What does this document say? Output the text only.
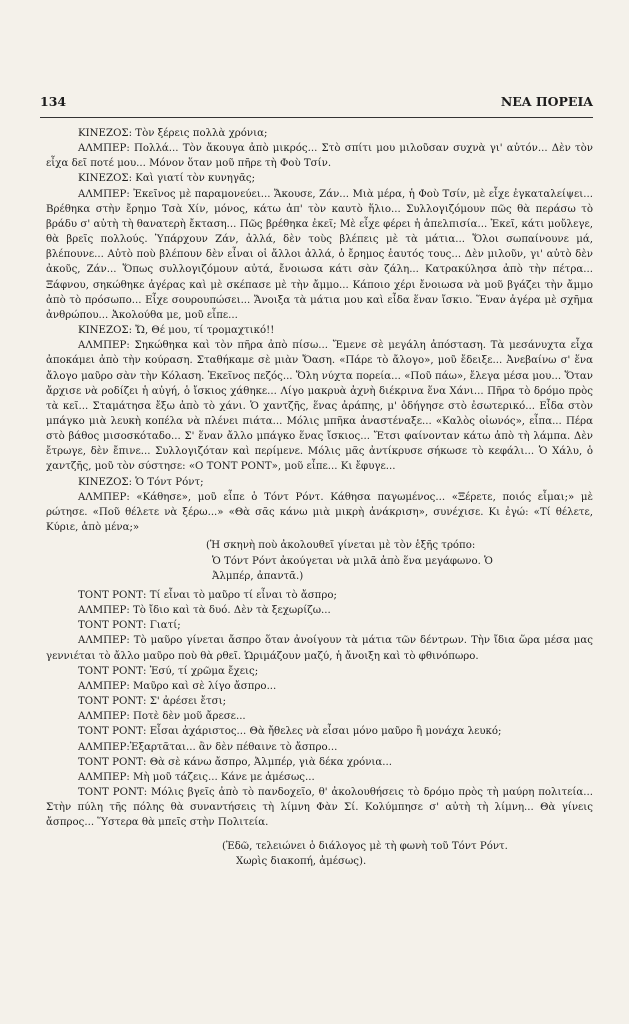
134	ΝΕΑ ΠΟΡΕΙΑ

ΚΙΝΕΖΟΣ: Τὸν ξέρεις πολλὰ χρόνια;

ΑΛΜΠΕΡ: Πολλά... Τὸν ἄκουγα ἀπὸ μικρός... Στὸ σπίτι μου μιλοῦσαν συχνὰ γι' αὐτόν... Δὲν τὸν εἶχα δεῖ ποτέ μου... Μόνον ὅταν μοῦ πῆρε τὴ Φοὺ Τσίν.

ΚΙΝΕΖΟΣ: Καὶ γιατί τὸν κυνηγᾶς;

ΑΛΜΠΕΡ: Ἐκεῖνος μὲ παραμονεύει... Ἄκουσε, Ζάν... Μιὰ μέρα, ἡ Φοὺ Τσίν, μὲ εἶχε ἐγκαταλείψει... Βρέθηκα στὴν ἔρημο Τσὰ Χίν, μόνος, κάτω ἀπ' τὸν καυτὸ ἥλιο... Συλλογιζόμουν πῶς θὰ περάσω τὸ βράδυ σ' αὐτὴ τὴ θανατερὴ ἔκταση... Πῶς βρέθηκα ἐκεῖ; Μὲ εἶχε φέρει ἡ ἀπελπισία... Ἐκεῖ, κάτι μοὔλεγε, θὰ βρεῖς πολλούς. Ὑπάρχουν Ζάν, ἀλλά, δὲν τοὺς βλέπεις μὲ τὰ μάτια... Ὅλοι σωπαίνουνε μά, βλέπουνε... Αὐτὸ ποὺ βλέπουν δὲν εἶναι οἱ ἄλλοι ἀλλά, ὁ ἔρημος ἑαυτός τους... Δὲν μιλοῦν, γι' αὐτὸ δὲν ἀκοῦς, Ζάν... Ὅπως συλλογιζόμουν αὐτά, ἔνοιωσα κάτι σὰν ζάλη... Κατρακύλησα ἀπὸ τὴν πέτρα... Ξάφνου, σηκώθηκε ἀγέρας καὶ μὲ σκέπασε μὲ τὴν ἄμμο... Κάποιο χέρι ἔνοιωσα νὰ μοῦ βγάζει τὴν ἄμμο ἀπὸ τὸ πρόσωπο... Εἶχε σουρουπώσει... Ἄνοιξα τὰ μάτια μου καὶ εἶδα ἕναν ἴσκιο. Ἕναν ἀγέρα μὲ σχῆμα ἀνθρώπου... Ἀκολούθα με, μοῦ εἶπε...

ΚΙΝΕΖΟΣ: Ὤ, Θέ μου, τί τρομαχτικό!!

ΑΛΜΠΕΡ: Σηκώθηκα καὶ τὸν πῆρα ἀπὸ πίσω... Ἔμενε σὲ μεγάλη ἀπόσταση. Τὰ μεσάνυχτα εἶχα ἀποκάμει ἀπὸ τὴν κούραση. Σταθήκαμε σὲ μιὰν Ὄαση. «Πάρε τὸ ἄλογο», μοῦ ἔδειξε... Ἀνεβαίνω σ' ἕνα ἄλογο μαῦρο σὰν τὴν Κόλαση. Ἐκεῖνος πεζός... Ὅλη νύχτα πορεία... «Ποῦ πάω», ἔλεγα μέσα μου... Ὅταν ἄρχισε νὰ ροδίζει ἡ αὐγή, ὁ ἴσκιος χάθηκε... Λίγο μακρυὰ ἀχνὴ διέκρινα ἕνα Χάνι... Πῆρα τὸ δρόμο πρὸς τὰ κεῖ... Σταμάτησα ἔξω ἀπὸ τὸ χάνι. Ὁ χαντζῆς, ἕνας ἀράπης, μ' ὁδήγησε στὸ ἐσωτερικό... Εἶδα στὸν μπάγκο μιὰ λευκὴ κοπέλα νὰ πλένει πιάτα... Μόλις μπῆκα ἀναστέναξε... «Καλὸς οἰωνός», εἶπα... Πέρα στὸ βάθος μισοσκόταδο... Σ' ἕναν ἄλλο μπάγκο ἕνας ἴσκιος... Ἔτσι φαίνονταν κάτω ἀπὸ τὴ λάμπα. Δὲν ἔτρωγε, δὲν ἔπινε... Συλλογιζόταν καὶ περίμενε. Μόλις μᾶς ἀντίκρυσε σήκωσε τὸ κεφάλι... Ὁ Χάλυ, ὁ χαντζῆς, μοῦ τὸν σύστησε: «Ο ΤΟΝΤ ΡΟΝΤ», μοῦ εἶπε... Κι ἔφυγε...

ΚΙΝΕΖΟΣ: Ὁ Τόντ Ρόντ;

ΑΛΜΠΕΡ: «Κάθησε», μοῦ εἶπε ὁ Τόντ Ρόντ. Κάθησα παγωμένος... «Ξέρετε, ποιός εἶμαι;» μὲ ρώτησε. «Ποῦ θέλετε νὰ ξέρω...» «Θὰ σᾶς κάνω μιὰ μικρὴ ἀνάκριση», συνέχισε. Κι ἐγώ: «Τί θέλετε, Κύριε, ἀπὸ μένα;»

(Ἡ σκηνὴ ποὺ ἀκολουθεῖ γίνεται μὲ τὸν ἑξῆς τρόπο:
Ὁ Τόντ Ρόντ ἀκούγεται νὰ μιλᾶ ἀπὸ ἕνα μεγάφωνο. Ὁ
Ἀλμπέρ, ἀπαντᾶ.)

ΤΟΝΤ ΡΟΝΤ: Τί εἶναι τὸ μαῦρο τί εἶναι τὸ ἄσπρο;

ΑΛΜΠΕΡ: Τὸ ἴδιο καὶ τὰ δυό. Δὲν τὰ ξεχωρίζω...

ΤΟΝΤ ΡΟΝΤ: Γιατί;

ΑΛΜΠΕΡ: Τὸ μαῦρο γίνεται ἄσπρο ὅταν ἀνοίγουν τὰ μάτια τῶν δέντρων. Τὴν ἴδια ὥρα μέσα μας γεννιέται τὸ ἄλλο μαῦρο ποὺ θὰ ρθεῖ. Ὡριμάζουν μαζύ, ἡ ἄνοιξη καὶ τὸ φθινόπωρο.

ΤΟΝΤ ΡΟΝΤ: Ἐσύ, τί χρῶμα ἔχεις;

ΑΛΜΠΕΡ: Μαῦρο καὶ σὲ λίγο ἄσπρο...

ΤΟΝΤ ΡΟΝΤ: Σ' ἀρέσει ἔτσι;

ΑΛΜΠΕΡ: Ποτὲ δὲν μοῦ ἄρεσε...

ΤΟΝΤ ΡΟΝΤ: Εἶσαι ἀχάριστος... Θὰ ἤθελες νὰ εἶσαι μόνο μαῦρο ἢ μονάχα λευκό;

ΑΛΜΠΕΡ:Ἐξαρτᾶται... ἂν δὲν πέθαινε τὸ ἄσπρο...

ΤΟΝΤ ΡΟΝΤ: Θὰ σὲ κάνω ἄσπρο, Ἀλμπέρ, γιὰ δέκα χρόνια...

ΑΛΜΠΕΡ: Μὴ μοῦ τάζεις... Κάνε με ἀμέσως...

ΤΟΝΤ ΡΟΝΤ: Μόλις βγεῖς ἀπὸ τὸ πανδοχεῖο, θ' ἀκολουθήσεις τὸ δρόμο πρὸς τὴ μαύρη πολιτεία... Στὴν πύλη τῆς πόλης θὰ συναντήσεις τὴ λίμνη Φὰν Σί. Κολύμπησε σ' αὐτὴ τὴ λίμνη... Θὰ γίνεις ἄσπρος... Ὕστερα θὰ μπεῖς στὴν Πολιτεία.

(Ἐδῶ, τελειώνει ὁ διάλογος μὲ τὴ φωνὴ τοῦ Τόντ Ρόντ.
Χωρὶς διακοπή, ἀμέσως).
